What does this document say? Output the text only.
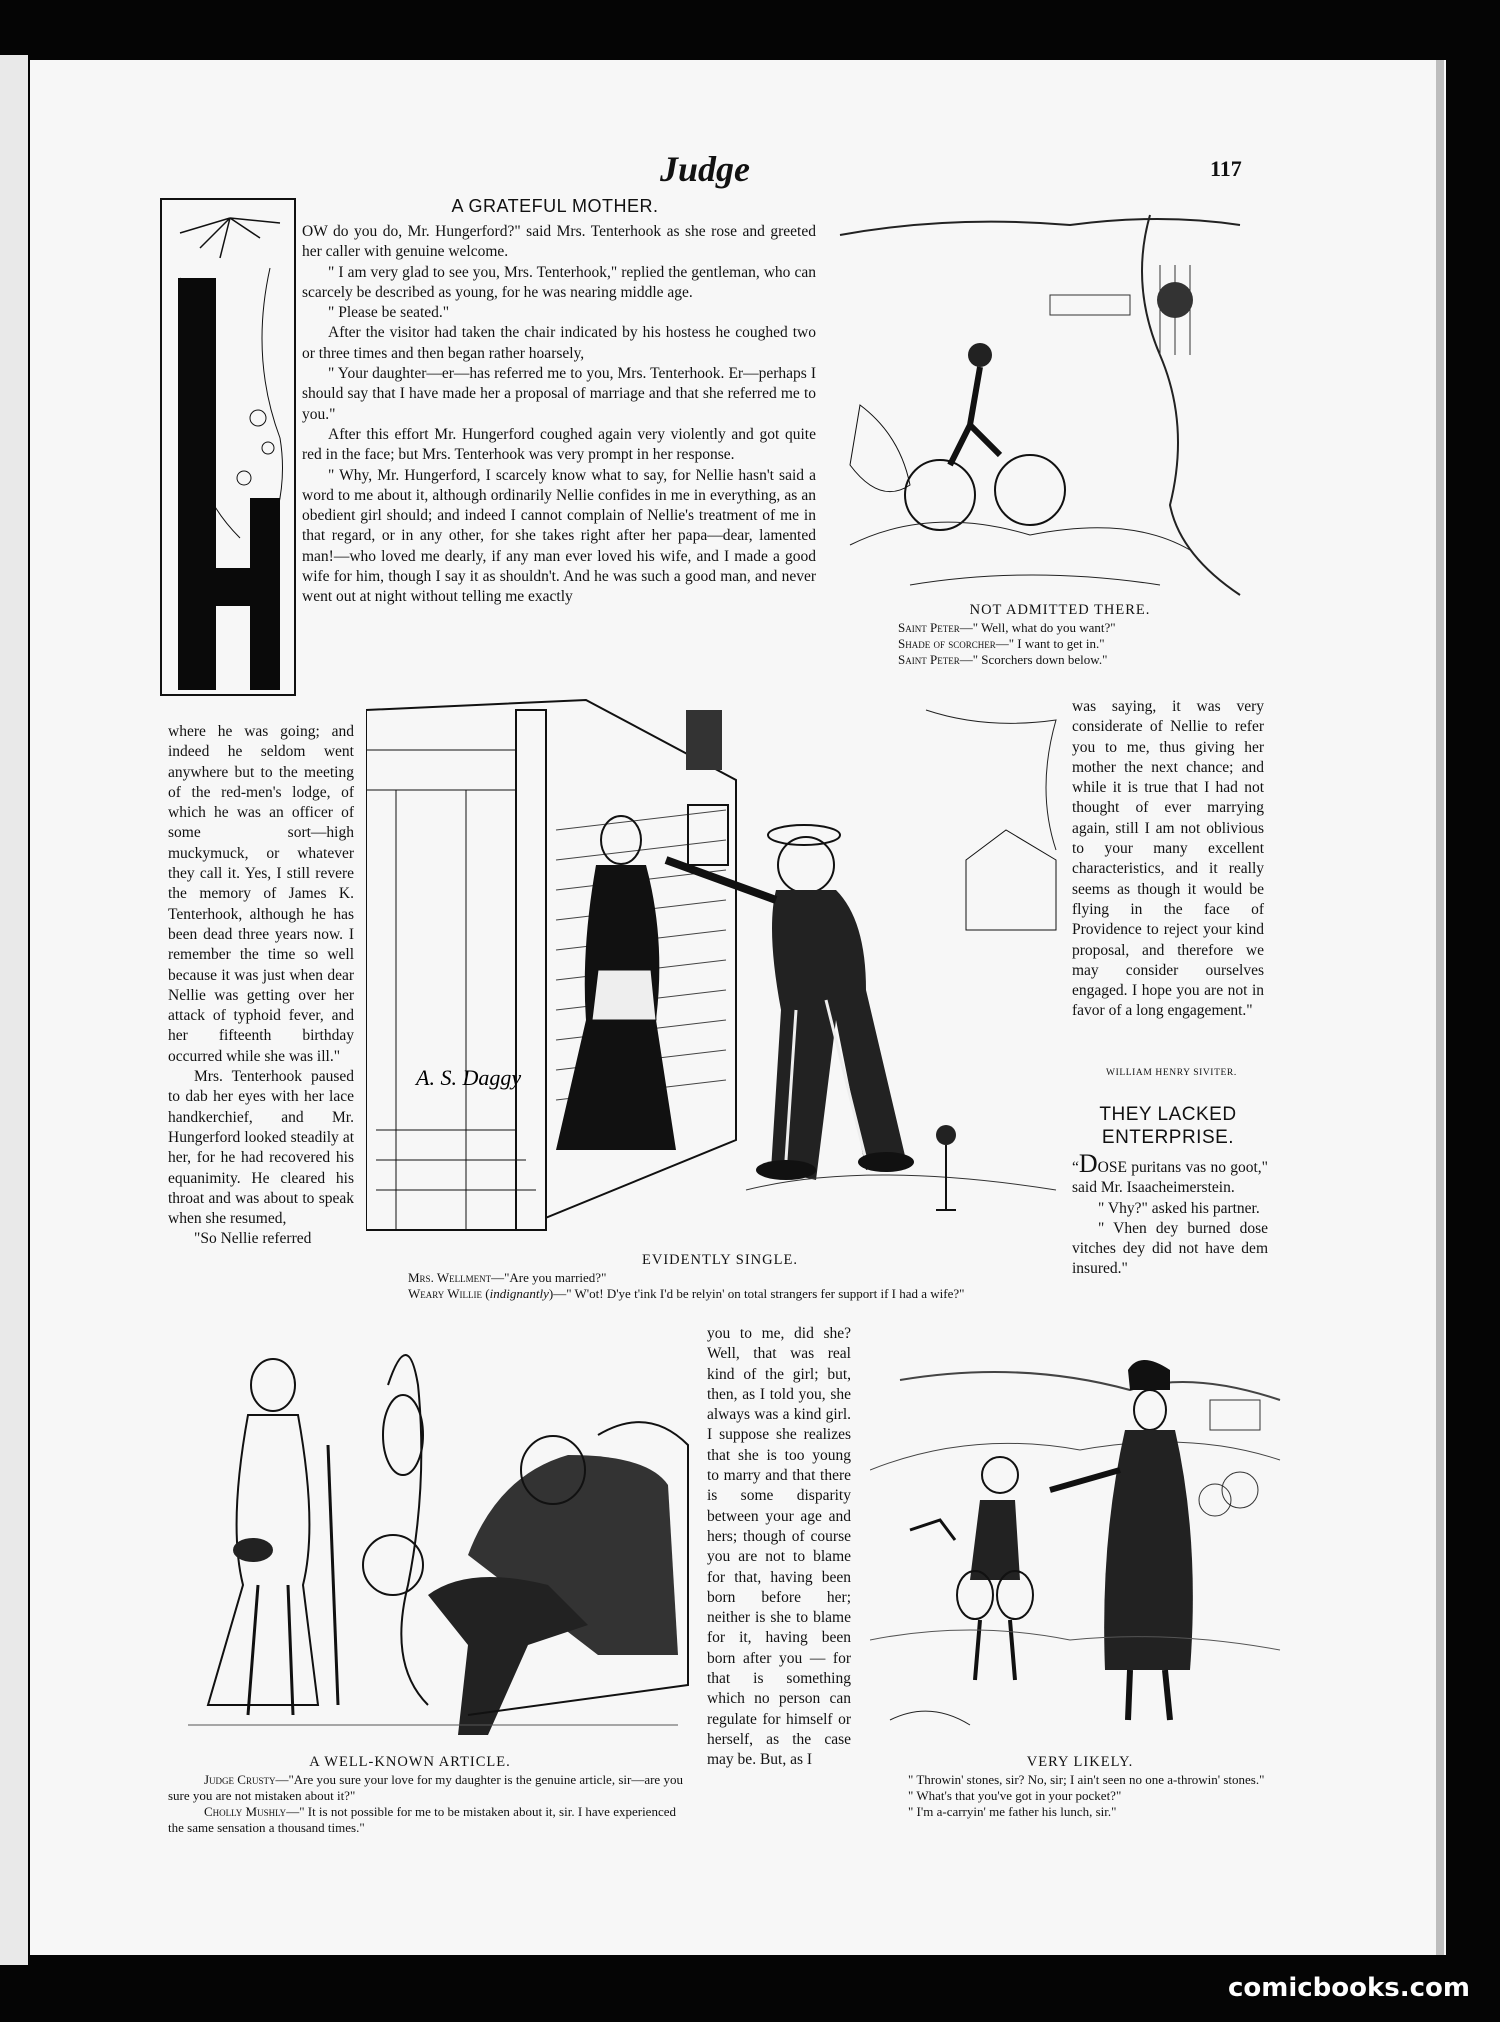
Judge	117
A GRATEFUL MOTHER.

OW do you do, Mr. Hungerford?" said Mrs. Tenterhook as she rose and greeted her caller with genuine welcome.

" I am very glad to see you, Mrs. Tenterhook," replied the gentleman, who can scarcely be described as young, for he was nearing middle age.

" Please be seated."

After the visitor had taken the chair indicated by his hostess he coughed two or three times and then began rather hoarsely,

" Your daughter—er—has referred me to you, Mrs. Tenterhook. Er—perhaps I should say that I have made her a proposal of marriage and that she referred me to you."

After this effort Mr. Hungerford coughed again very violently and got quite red in the face; but Mrs. Tenterhook was very prompt in her response.

" Why, Mr. Hungerford, I scarcely know what to say, for Nellie hasn't said a word to me about it, although ordinarily Nellie confides in me in everything, as an obedient girl should; and indeed I cannot complain of Nellie's treatment of me in that regard, or in any other, for she takes right after her papa—dear, lamented man!—who loved me dearly, if any man ever loved his wife, and I made a good wife for him, though I say it as shouldn't. And he was such a good man, and never went out at night without telling me exactly

NOT ADMITTED THERE.
Saint Peter—" Well, what do you want?"
Shade of scorcher—" I want to get in."
Saint Peter—" Scorchers down below."

where he was going; and indeed he seldom went anywhere but to the meeting of the red-men's lodge, of which he was an officer of some sort—high muckymuck, or whatever they call it. Yes, I still revere the memory of James K. Tenterhook, although he has been dead three years now. I remember the time so well because it was just when dear Nellie was getting over her attack of typhoid fever, and her fifteenth birthday occurred while she was ill."

Mrs. Tenterhook paused to dab her eyes with her lace handkerchief, and Mr. Hungerford looked steadily at her, for he had recovered his equanimity. He cleared his throat and was about to speak when she resumed,

"So Nellie referred

A. S. Daggy
EVIDENTLY SINGLE.
Mrs. Wellment—"Are you married?"
Weary Willie (indignantly)—" W'ot! D'ye t'ink I'd be relyin' on total strangers fer support if I had a wife?"

was saying, it was very considerate of Nellie to refer you to me, thus giving her mother the next chance; and while it is true that I had not thought of ever marrying again, still I am not oblivious to your many excellent characteristics, and it really seems as though it would be flying in the face of Providence to reject your kind proposal, and therefore we may consider ourselves engaged. I hope you are not in favor of a long engagement."

WILLIAM HENRY SIVITER.
THEY LACKED
ENTERPRISE.

“DOSE puritans vas no goot," said Mr. Isaacheimerstein.

" Vhy?" asked his partner.

" Vhen dey burned dose vitches dey did not have dem insured."

A WELL-KNOWN ARTICLE.
Judge Crusty—"Are you sure your love for my daughter is the genuine article, sir—are you sure you are not mistaken about it?"
Cholly Mushly—" It is not possible for me to be mistaken about it, sir. I have experienced the same sensation a thousand times."

you to me, did she? Well, that was real kind of the girl; but, then, as I told you, she always was a kind girl. I suppose she realizes that she is too young to marry and that there is some disparity between your age and hers; though of course you are not to blame for that, having been born before her; neither is she to blame for it, having been born after you — for that is something which no person can regulate for himself or herself, as the case may be. But, as I	VERY LIKELY.
" Throwin' stones, sir? No, sir; I ain't seen no one a-throwin' stones."
" What's that you've got in your pocket?"
" I'm a-carryin' me father his lunch, sir."
comicbooks.com
